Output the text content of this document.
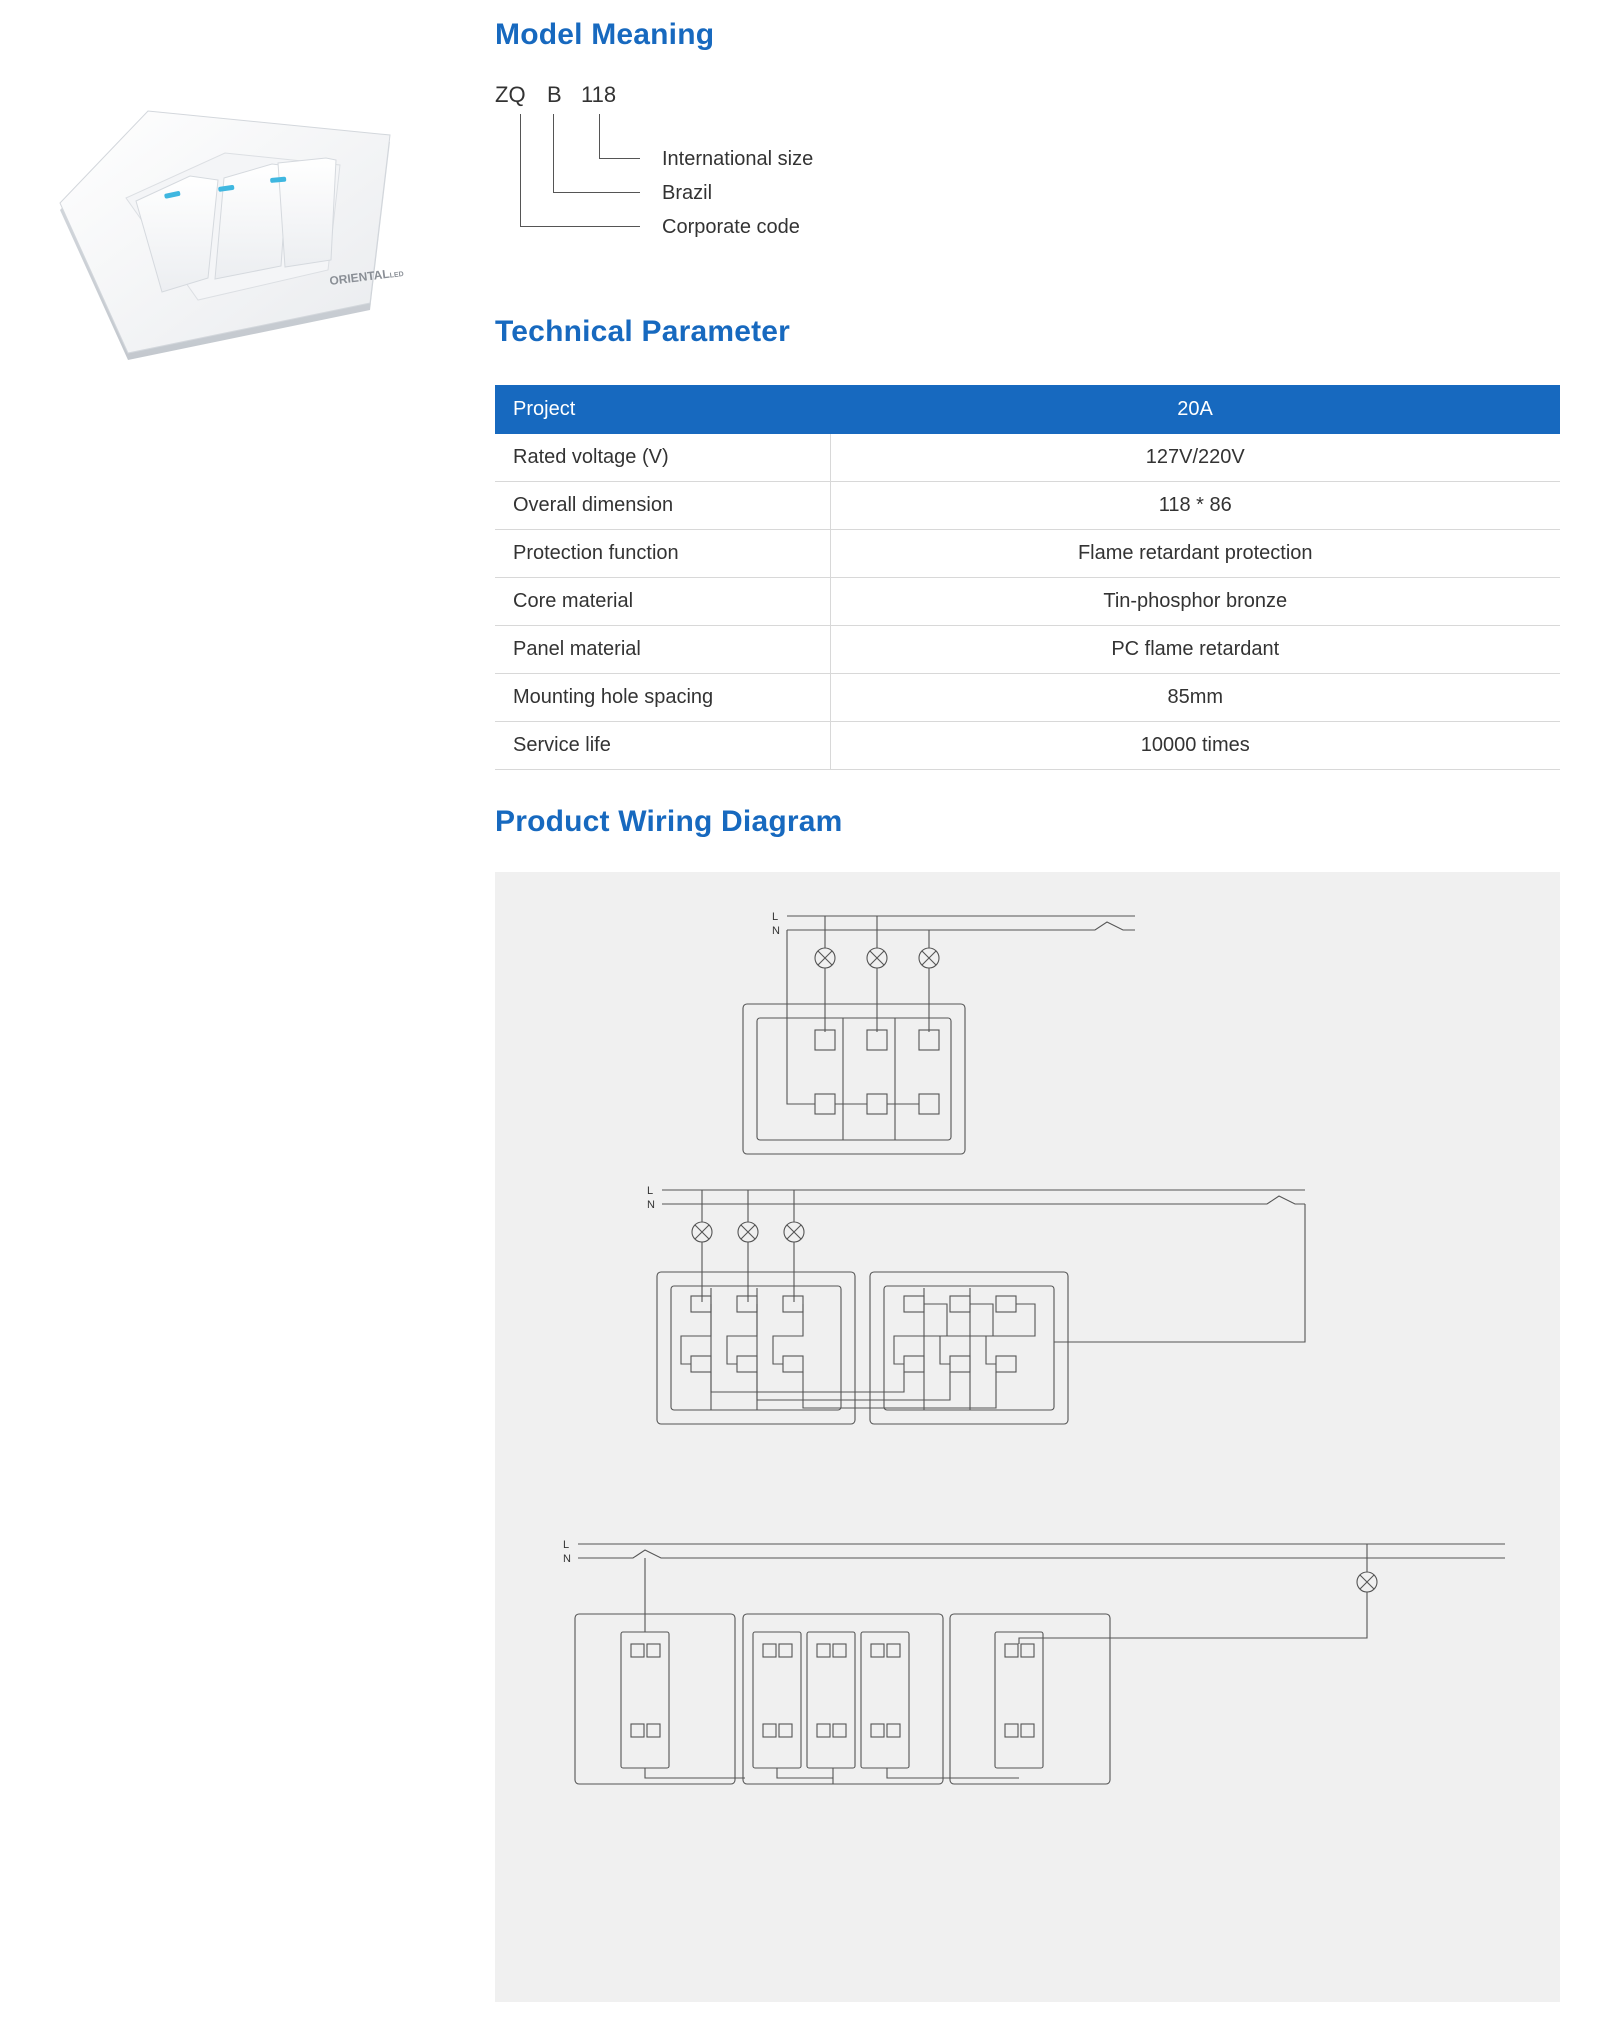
ORIENTALLED
Model Meaning
ZQ B 118
International size
Brazil
Corporate code
Technical Parameter
Project	20A
Rated voltage (V)	127V/220V
Overall dimension	118 * 86
Protection function	Flame retardant protection
Core material	Tin-phosphor bronze
Panel material	PC flame retardant
Mounting hole spacing	85mm
Service life	10000 times
Product Wiring Diagram
L
N
L
N
L
N
